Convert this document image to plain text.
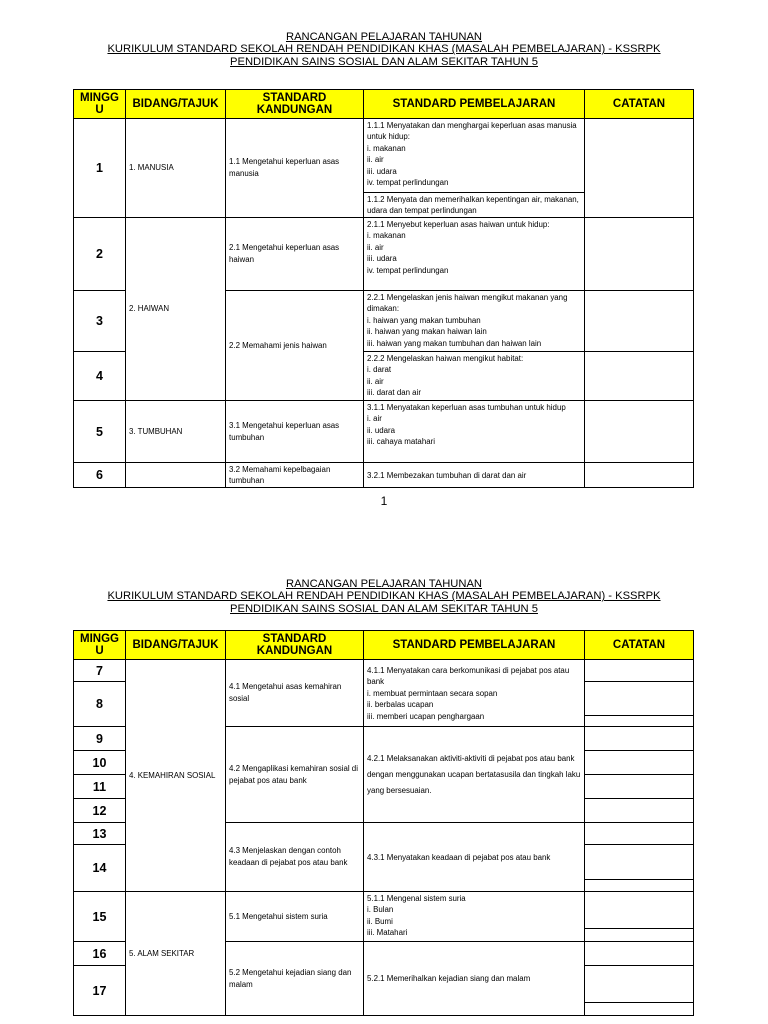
RANCANGAN PELAJARAN TAHUNAN
KURIKULUM STANDARD SEKOLAH RENDAH PENDIDIKAN KHAS (MASALAH PEMBELAJARAN) - KSSRPK
PENDIDIKAN SAINS SOSIAL DAN ALAM SEKITAR TAHUN 5
MINGG U	BIDANG/TAJUK	STANDARD KANDUNGAN	STANDARD PEMBELAJARAN	CATATAN
1	1. MANUSIA	1.1 Mengetahui keperluan asas manusia	1.1.1 Menyatakan dan menghargai keperluan asas manusia untuk hidup:
i. makanan
ii. air
iii. udara
iv. tempat perlindungan	
			1.1.2 Menyata dan memerihalkan kepentingan air, makanan, udara dan tempat perlindungan	
2	2. HAIWAN	2.1 Mengetahui keperluan asas haiwan	2.1.1 Menyebut keperluan asas haiwan untuk hidup:
i. makanan
ii. air
iii. udara
iv. tempat perlindungan	
3		2.2 Memahami jenis haiwan	2.2.1 Mengelaskan jenis haiwan mengikut makanan yang dimakan:
i. haiwan yang makan tumbuhan
ii. haiwan yang makan haiwan lain
iii. haiwan yang makan tumbuhan dan haiwan lain	
4			2.2.2 Mengelaskan haiwan mengikut habitat:
i. darat
ii. air
iii. darat dan air	
5	3. TUMBUHAN	3.1 Mengetahui keperluan asas tumbuhan	3.1.1 Menyatakan keperluan asas tumbuhan untuk hidup
i. air
ii. udara
iii. cahaya matahari	
6		3.2 Memahami kepelbagaian tumbuhan	3.2.1 Membezakan tumbuhan di darat dan air	
1
RANCANGAN PELAJARAN TAHUNAN
KURIKULUM STANDARD SEKOLAH RENDAH PENDIDIKAN KHAS (MASALAH PEMBELAJARAN) - KSSRPK
PENDIDIKAN SAINS SOSIAL DAN ALAM SEKITAR TAHUN 5
MINGG U	BIDANG/TAJUK	STANDARD KANDUNGAN	STANDARD PEMBELAJARAN	CATATAN
7	4. KEMAHIRAN SOSIAL	4.1 Mengetahui asas kemahiran sosial	4.1.1 Menyatakan cara berkomunikasi di pejabat pos atau bank
i. membuat permintaan secara sopan
ii. berbalas ucapan
iii. memberi ucapan penghargaan	
8				

9		4.2 Mengaplikasi kemahiran sosial di pejabat pos atau bank	4.2.1 Melaksanakan aktiviti-aktiviti di pejabat pos atau bank dengan menggunakan ucapan bertatasusila dan tingkah laku yang bersesuaian.	
10				
11				
12				
13		4.3 Menjelaskan dengan contoh keadaan di pejabat pos atau bank	4.3.1 Menyatakan keadaan di pejabat pos atau bank	
14				

15	5. ALAM SEKITAR	5.1 Mengetahui sistem suria	5.1.1 Mengenal sistem suria
i. Bulan
ii. Bumi
iii. Matahari	

16		5.2 Mengetahui kejadian siang dan malam	5.2.1 Memerihalkan kejadian siang dan malam	
17				
